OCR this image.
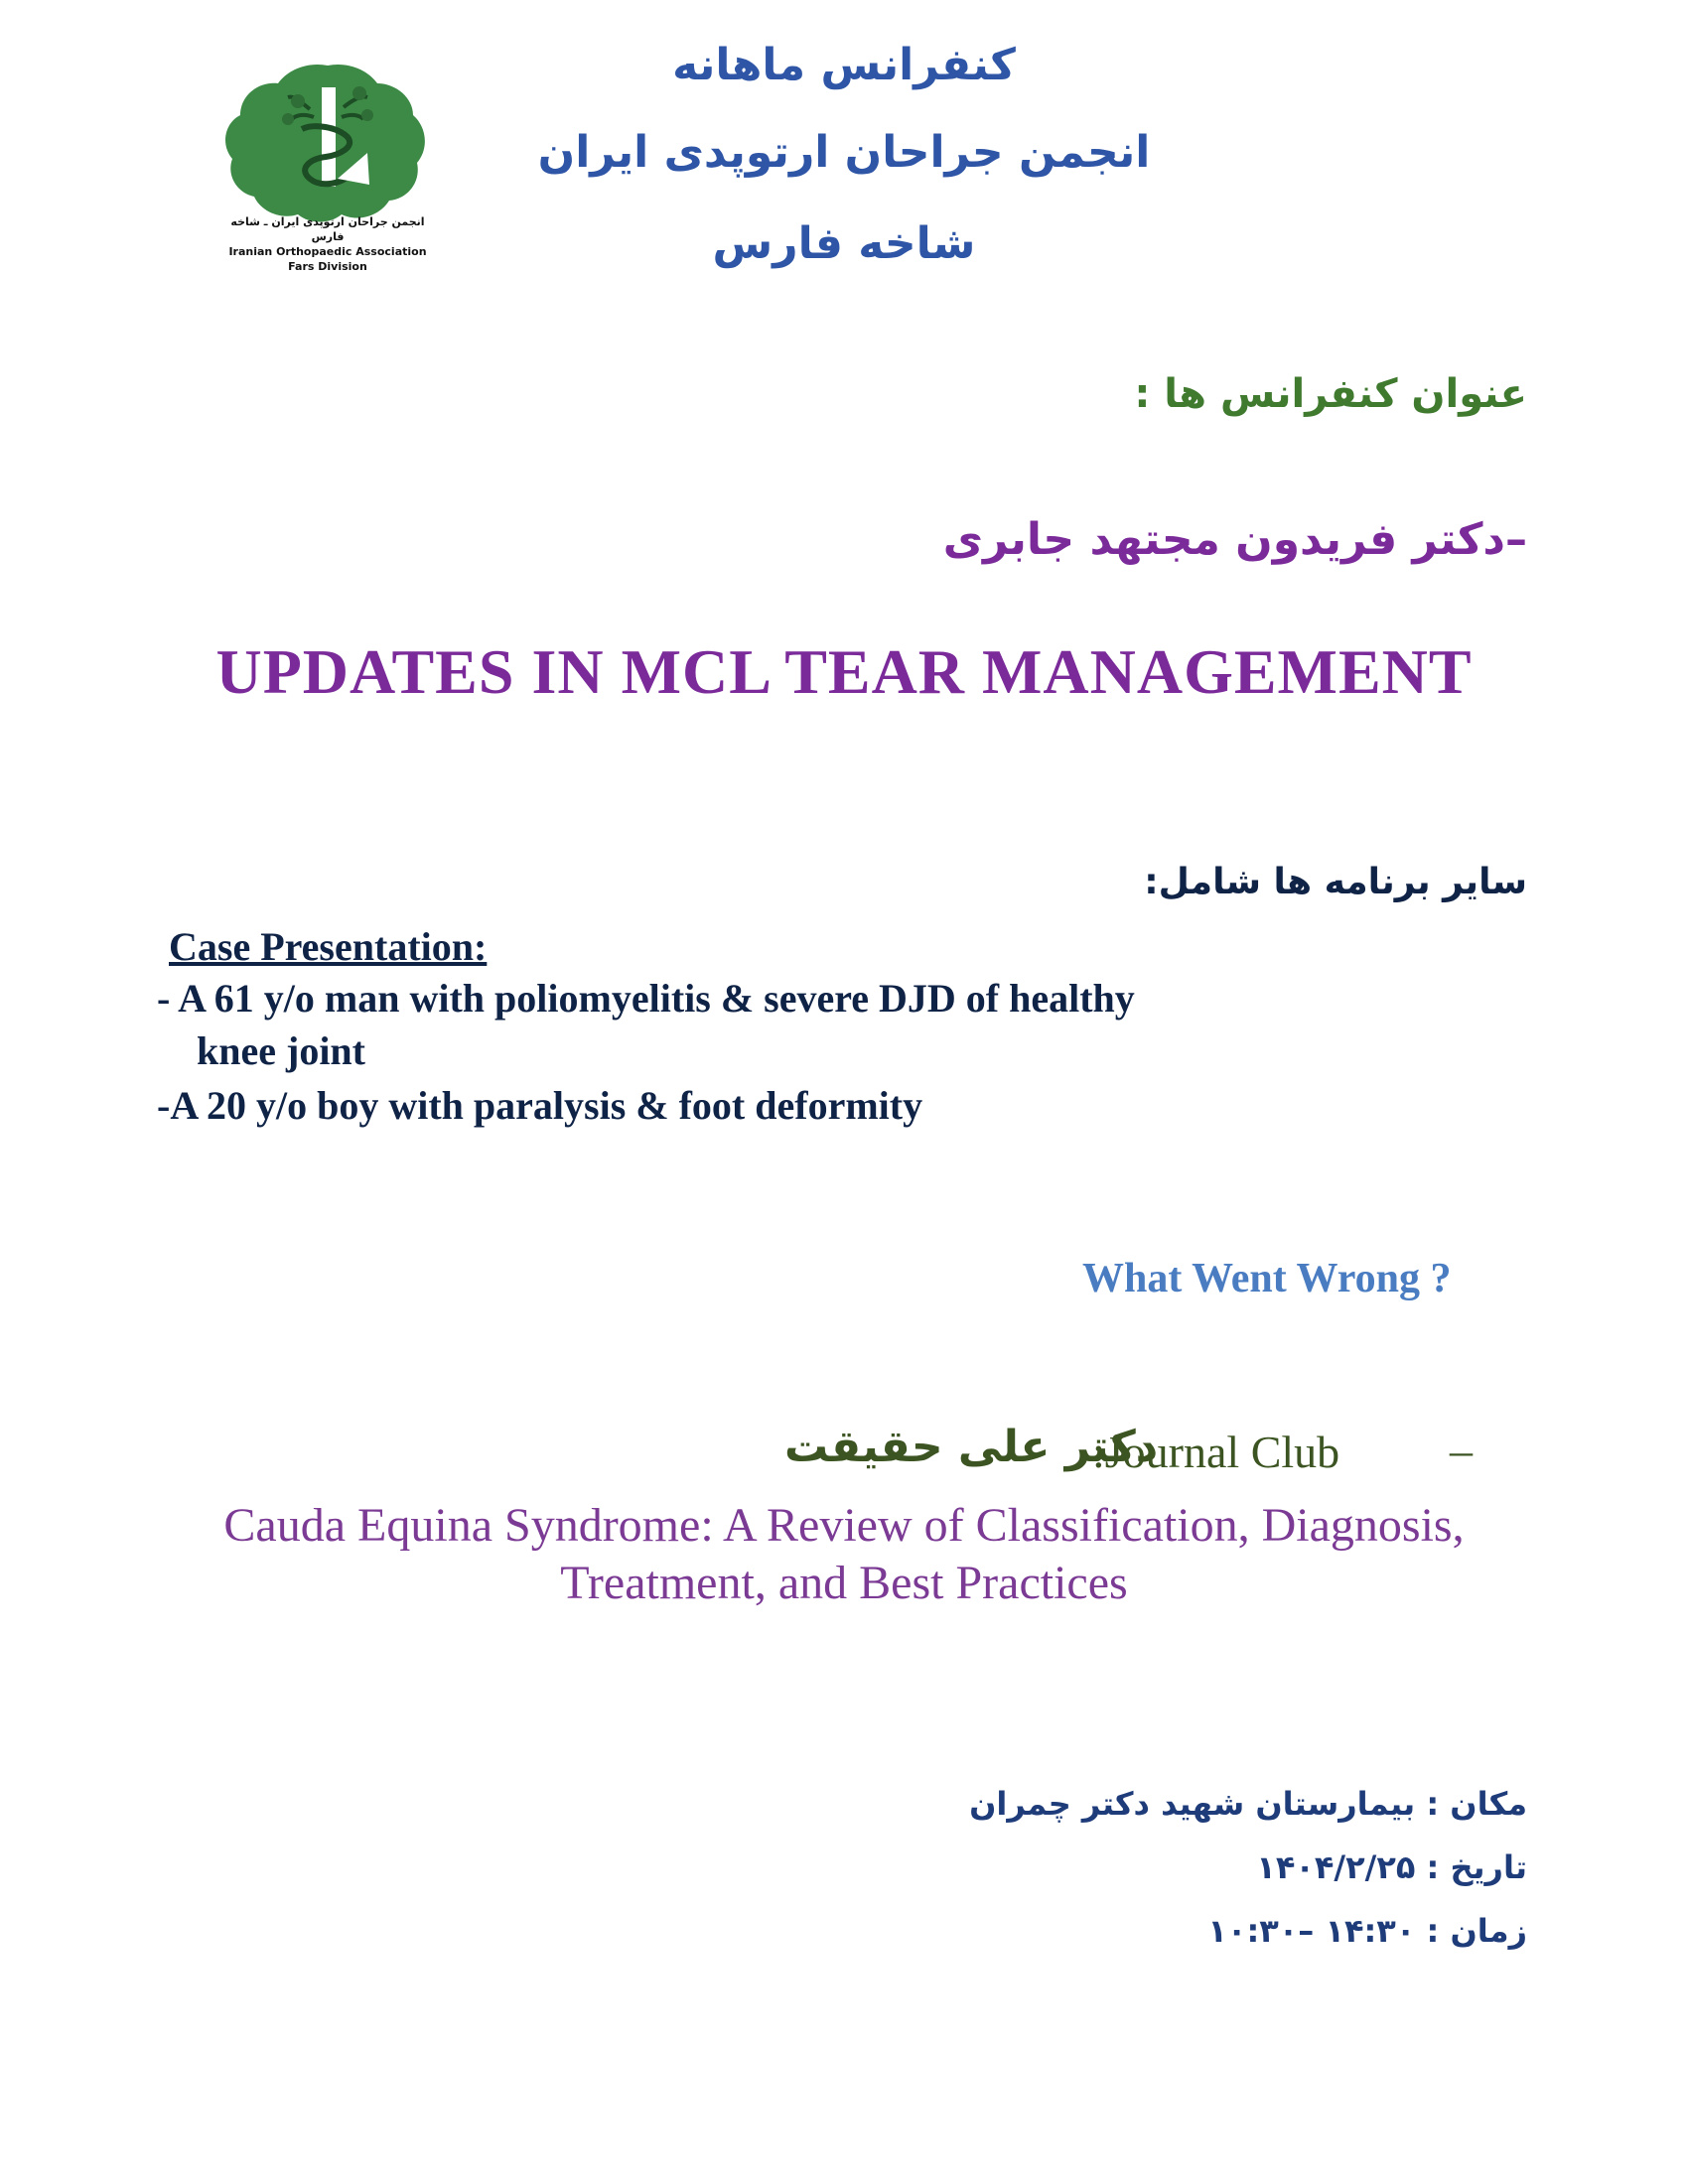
کنفرانس ماهانه
انجمن جراحان ارتوپدی ایران
شاخه فارس
انجمن جراحان ارتوپدی ایران ـ شاخه فارس
Iranian Orthopaedic Association
Fars Division
عنوان کنفرانس ها :
–دکتر فریدون مجتهد جابری
UPDATES IN MCL TEAR MANAGEMENT
سایر برنامه ها شامل:
Case Presentation:
- A 61 y/o man with poliomyelitis & severe DJD of healthy
knee joint
-A 20 y/o boy with paralysis & foot deformity
What Went Wrong ?
دکتر علی حقیقت
:Journal Club –
Cauda Equina Syndrome: A Review of Classification, Diagnosis,
Treatment, and Best Practices
مکان : بیمارستان شهید دکتر چمران
تاریخ : ۱۴۰۴/۲/۲۵
زمان : ۱۴:۳۰ –۱۰:۳۰
